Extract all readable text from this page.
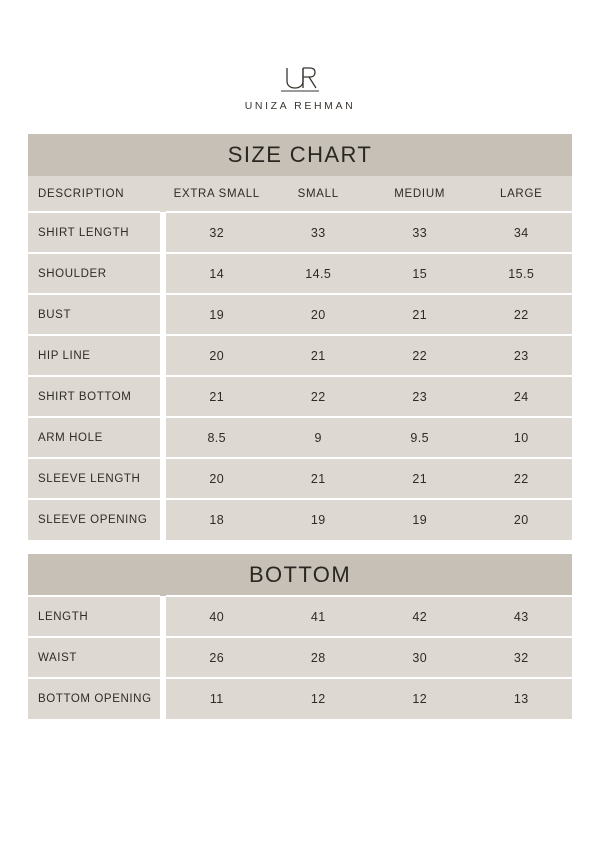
UNIZA REHMAN
SIZE CHART					
DESCRIPTION		EXTRA SMALL	SMALL	MEDIUM	LARGE
SHIRT LENGTH		32	33	33	34
SHOULDER		14	14.5	15	15.5
BUST		19	20	21	22
HIP LINE		20	21	22	23
SHIRT BOTTOM		21	22	23	24
ARM HOLE		8.5	9	9.5	10
SLEEVE LENGTH		20	21	21	22
SLEEVE OPENING		18	19	19	20

BOTTOM					
LENGTH		40	41	42	43
WAIST		26	28	30	32
BOTTOM OPENING		11	12	12	13
